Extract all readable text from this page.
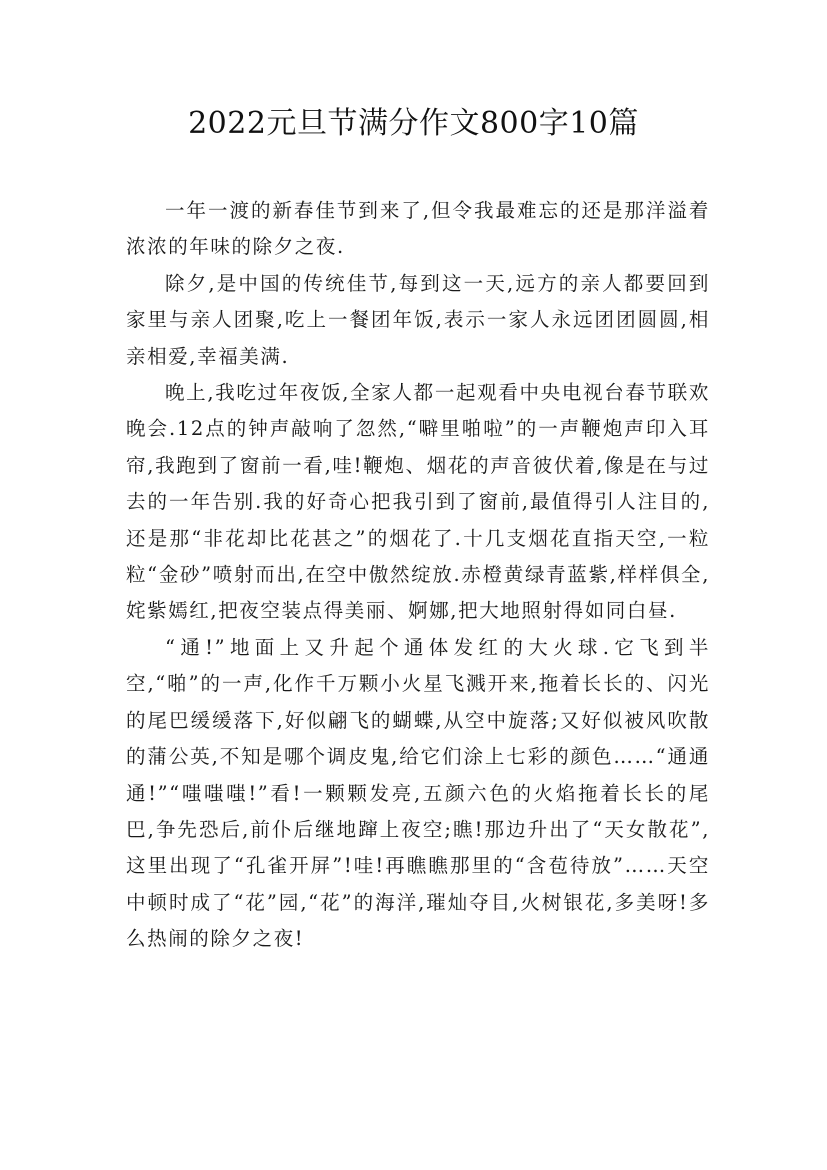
2022元旦节满分作文800字10篇

一年一渡的新春佳节到来了,但令我最难忘的还是那洋溢着浓浓的年味的除夕之夜.

除夕,是中国的传统佳节,每到这一天,远方的亲人都要回到家里与亲人团聚,吃上一餐团年饭,表示一家人永远团团圆圆,相亲相爱,幸福美满.

晚上,我吃过年夜饭,全家人都一起观看中央电视台春节联欢晚会.12点的钟声敲响了忽然,“噼里啪啦”的一声鞭炮声印入耳帘,我跑到了窗前一看,哇!鞭炮、烟花的声音彼伏着,像是在与过去的一年告别.我的好奇心把我引到了窗前,最值得引人注目的,还是那“非花却比花甚之”的烟花了.十几支烟花直指天空,一粒粒“金砂”喷射而出,在空中傲然绽放.赤橙黄绿青蓝紫,样样俱全,姹紫嫣红,把夜空装点得美丽、婀娜,把大地照射得如同白昼.

“通!”地面上又升起个通体发红的大火球.它飞到半空,“啪”的一声,化作千万颗小火星飞溅开来,拖着长长的、闪光的尾巴缓缓落下,好似翩飞的蝴蝶,从空中旋落;又好似被风吹散的蒲公英,不知是哪个调皮鬼,给它们涂上七彩的颜色……“通通通!”“嗤嗤嗤!”看!一颗颗发亮,五颜六色的火焰拖着长长的尾巴,争先恐后,前仆后继地蹿上夜空;瞧!那边升出了“天女散花”,这里出现了“孔雀开屏”!哇!再瞧瞧那里的“含苞待放”……天空中顿时成了“花”园,“花”的海洋,璀灿夺目,火树银花,多美呀!多么热闹的除夕之夜!
